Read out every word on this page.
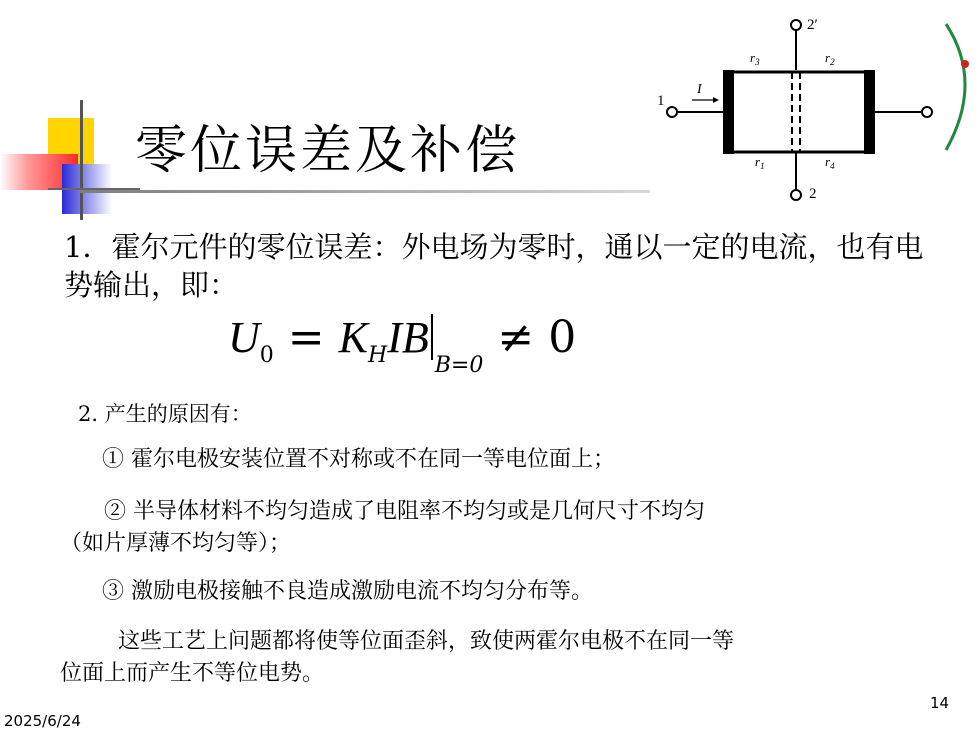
零位误差及补偿
2′
$r_3$	$r_2$
1
I
$r_1$	$r_4$
2
1．霍尔元件的零位误差：外电场为零时，通以一定的电流，也有电势输出，即：
$U_0 = K_HIB_{B=0} \ne 0$
2. 产生的原因有：
① 霍尔电极安装位置不对称或不在同一等电位面上；
② 半导体材料不均匀造成了电阻率不均匀或是几何尺寸不均匀
（如片厚薄不均匀等）；
③ 激励电极接触不良造成激励电流不均匀分布等。
这些工艺上问题都将使等位面歪斜，致使两霍尔电极不在同一等
位面上而产生不等位电势。
2025/6/24
14
